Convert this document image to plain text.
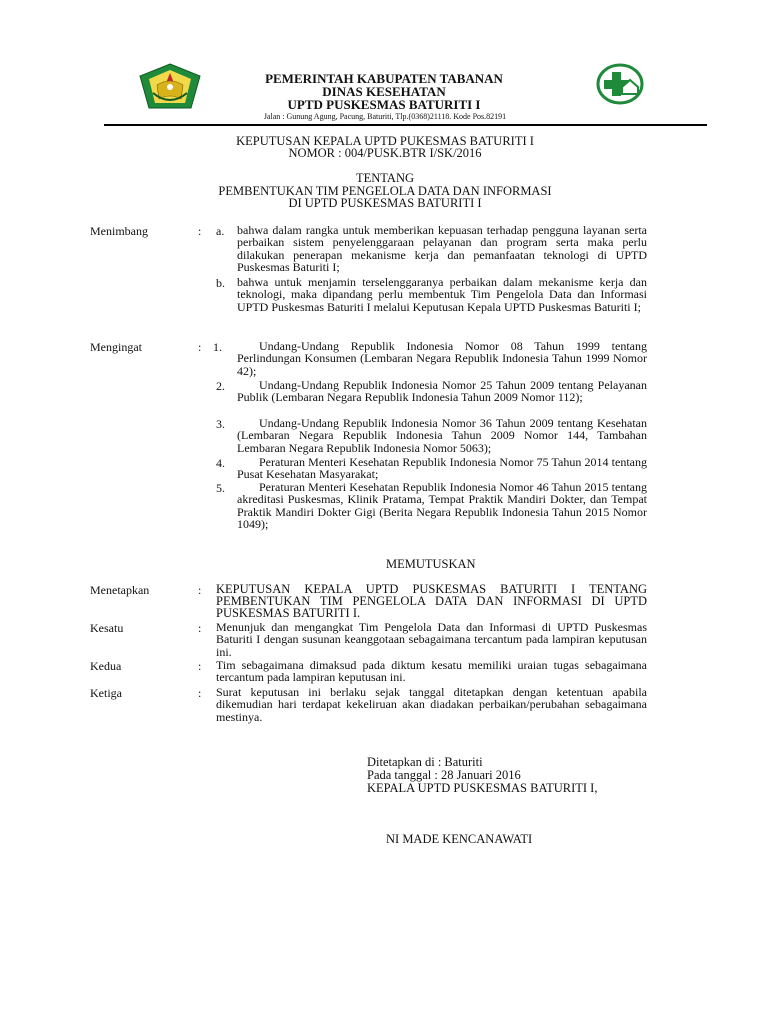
PEMERINTAH KABUPATEN TABANAN
DINAS KESEHATAN
UPTD PUSKESMAS BATURITI I
Jalan : Gunung Agung, Pacung, Baturiti, Tlp.(0368)21118. Kode Pos.82191
KEPUTUSAN KEPALA UPTD PUKESMAS BATURITI I
NOMOR : 004/PUSK.BTR I/SK/2016
TENTANG
PEMBENTUKAN TIM PENGELOLA DATA DAN INFORMASI
DI UPTD PUSKESMAS BATURITI I
Menimbang	: a. bahwa dalam rangka untuk memberikan kepuasan terhadap pengguna layanan serta perbaikan sistem penyelenggaraan pelayanan dan program serta maka perlu dilakukan penerapan mekanisme kerja dan pemanfaatan teknologi di UPTD Puskesmas Baturiti I;
b. bahwa untuk menjamin terselenggaranya perbaikan dalam mekanisme kerja dan teknologi, maka dipandang perlu membentuk Tim Pengelola Data dan Informasi UPTD Puskesmas Baturiti I melalui Keputusan Kepala UPTD Puskesmas Baturiti I;
Mengingat	: 1.	Undang-Undang Republik Indonesia Nomor 08 Tahun 1999 tentang Perlindungan Konsumen (Lembaran Negara Republik Indonesia Tahun 1999 Nomor 42);
2.	Undang-Undang Republik Indonesia Nomor 25 Tahun 2009 tentang Pelayanan Publik (Lembaran Negara Republik Indonesia Tahun 2009 Nomor 112);
3.	Undang-Undang Republik Indonesia Nomor 36 Tahun 2009 tentang Kesehatan (Lembaran Negara Republik Indonesia Tahun 2009 Nomor 144, Tambahan Lembaran Negara Republik Indonesia Nomor 5063);
4.	Peraturan Menteri Kesehatan Republik Indonesia Nomor 75 Tahun 2014 tentang Pusat Kesehatan Masyarakat;
5.	Peraturan Menteri Kesehatan Republik Indonesia Nomor 46 Tahun 2015 tentang akreditasi Puskesmas, Klinik Pratama, Tempat Praktik Mandiri Dokter, dan Tempat Praktik Mandiri Dokter Gigi (Berita Negara Republik Indonesia Tahun 2015 Nomor 1049);
MEMUTUSKAN
Menetapkan	: KEPUTUSAN KEPALA UPTD PUSKESMAS BATURITI I TENTANG PEMBENTUKAN TIM PENGELOLA DATA DAN INFORMASI DI UPTD PUSKESMAS BATURITI I.
Kesatu	: Menunjuk dan mengangkat Tim Pengelola Data dan Informasi di UPTD Puskesmas Baturiti I dengan susunan keanggotaan sebagaimana tercantum pada lampiran keputusan ini.
Kedua	: Tim sebagaimana dimaksud pada diktum kesatu memiliki uraian tugas sebagaimana tercantum pada lampiran keputusan ini.
Ketiga	: Surat keputusan ini berlaku sejak tanggal ditetapkan dengan ketentuan apabila dikemudian hari terdapat kekeliruan akan diadakan perbaikan/perubahan sebagaimana mestinya.
Ditetapkan di : Baturiti
Pada tanggal : 28 Januari 2016
KEPALA UPTD PUSKESMAS BATURITI I,
NI MADE KENCANAWATI
